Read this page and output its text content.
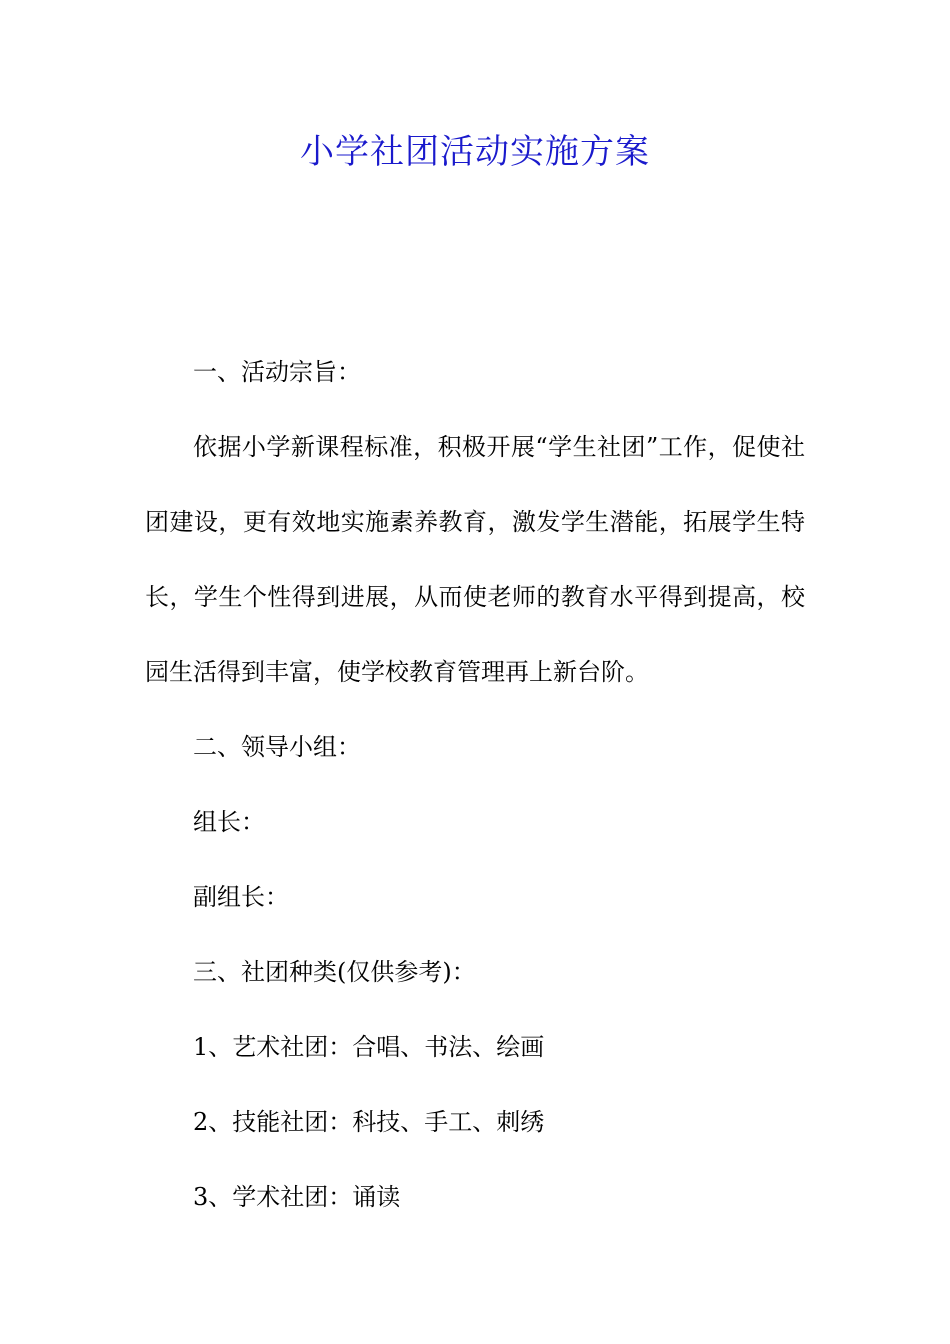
小学社团活动实施方案

一、活动宗旨：

依据小学新课程标准，积极开展“学生社团”工作，促使社团建设，更有效地实施素养教育，激发学生潜能，拓展学生特长，学生个性得到进展，从而使老师的教育水平得到提高，校园生活得到丰富，使学校教育管理再上新台阶。

二、领导小组：

组长：

副组长：

三、社团种类(仅供参考)：

1、艺术社团：合唱、书法、绘画

2、技能社团：科技、手工、刺绣

3、学术社团：诵读
